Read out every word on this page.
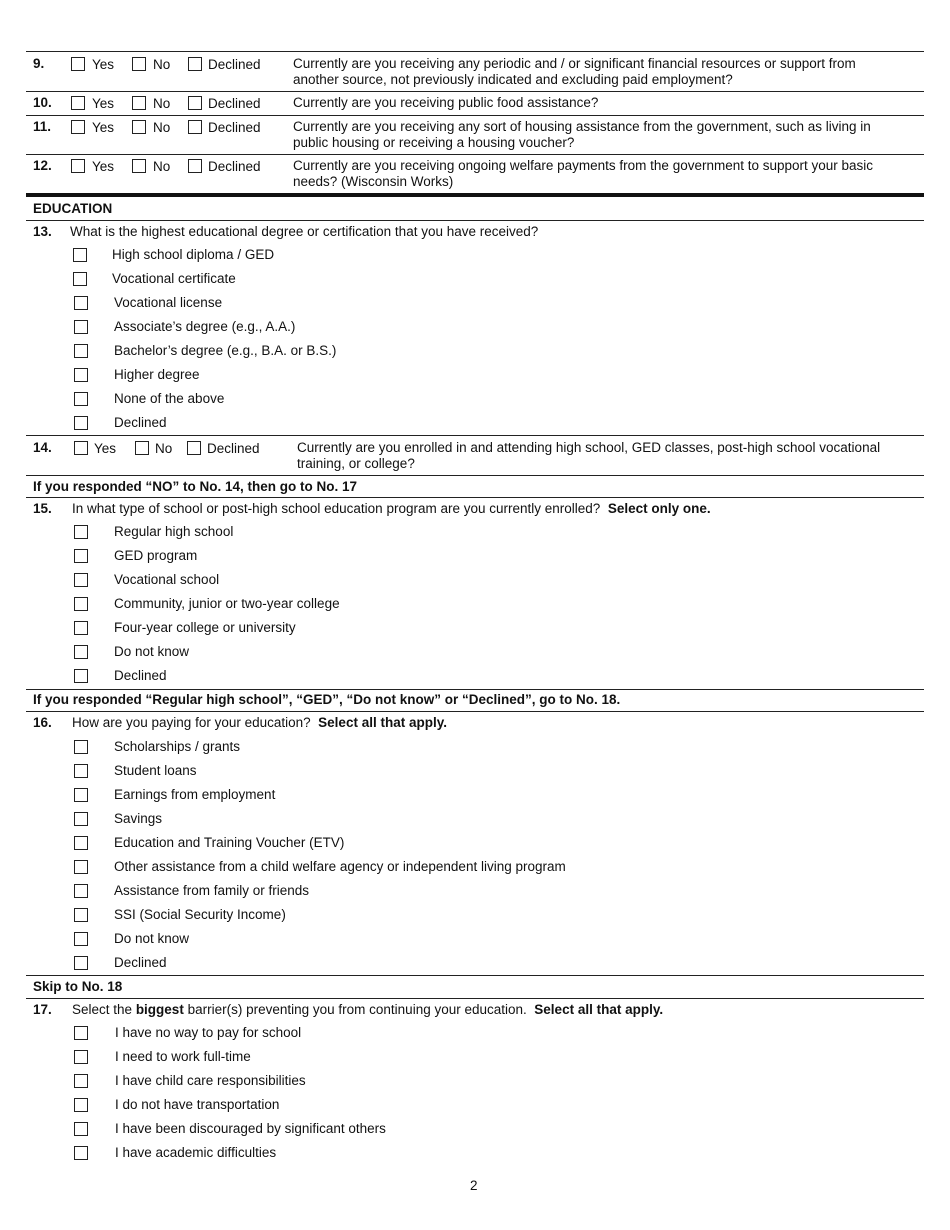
9.	Yes	No	Declined Currently are you receiving any periodic and / or significant financial resources or support from another source, not previously indicated and excluding paid employment?
10.	Yes	No	Declined Currently are you receiving public food assistance?
11.	Yes	No	Declined Currently are you receiving any sort of housing assistance from the government, such as living in public housing or receiving a housing voucher?
12.	Yes	No	Declined Currently are you receiving ongoing welfare payments from the government to support your basic needs? (Wisconsin Works)
EDUCATION
13. What is the highest educational degree or certification that you have received?
High school diploma / GED
Vocational certificate
Vocational license
Associate’s degree (e.g., A.A.)
Bachelor’s degree (e.g., B.A. or B.S.)
Higher degree
None of the above
Declined
14.	Yes	No	Declined	Currently are you enrolled in and attending high school, GED classes, post-high school vocational training, or college?
If you responded “NO” to No. 14, then go to No. 17
15. In what type of school or post-high school education program are you currently enrolled? Select only one.
Regular high school
GED program
Vocational school
Community, junior or two-year college
Four-year college or university
Do not know
Declined
If you responded “Regular high school”, “GED”, “Do not know” or “Declined”, go to No. 18.
16. How are you paying for your education? Select all that apply.
Scholarships / grants
Student loans
Earnings from employment
Savings
Education and Training Voucher (ETV)
Other assistance from a child welfare agency or independent living program
Assistance from family or friends
SSI (Social Security Income)
Do not know
Declined
Skip to No. 18
17. Select the biggest barrier(s) preventing you from continuing your education. Select all that apply.
I have no way to pay for school
I need to work full-time
I have child care responsibilities
I do not have transportation
I have been discouraged by significant others
I have academic difficulties
2
